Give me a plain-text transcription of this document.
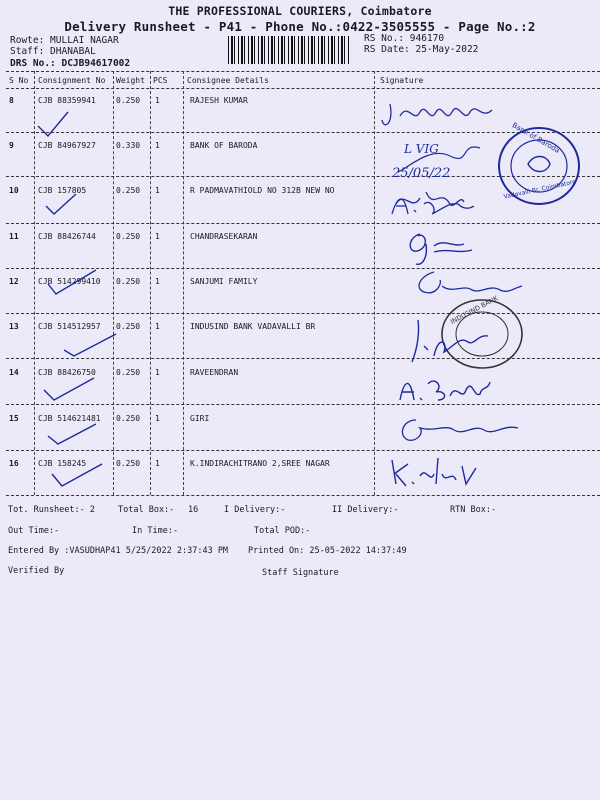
THE PROFESSIONAL COURIERS, Coimbatore
Delivery Runsheet - P41 - Phone No.:0422-3505555 - Page No.:2
Rowte: MULLAI NAGAR
Staff: DHANABAL
DRS No.: DCJB94617002
RS No.: 946170
RS Date: 25-May-2022
S No Consignment No Weight PCS Consignee Details	Signature
8	CJB 88359941	0.250 1	RAJESH KUMAR
9	CJB 84967927	0.330 1	BANK OF BARODA
10 CJB 157805	0.250 1	R PADMAVATHIOLD NO 312B NEW NO
11 CJB 88426744	0.250 1	CHANDRASEKARAN
12 CJB 514299410 0.250 1	SANJUMI FAMILY
13 CJB 514512957 0.250 1	INDUSIND BANK VADAVALLI BR
14 CJB 88426750	0.250 1	RAVEENDRAN
15 CJB 514621481 0.250 1	GIRI
16 CJB 158245	0.250 1	K.INDIRACHITRANO 2,SREE NAGAR
L VIG
25/05/22
Bank of Baroda
Vadavalli Br. Coimbatore
INDUSIND BANK
Tot. Runsheet:- 2	Total Box:- 16	I Delivery:-	II Delivery:-	RTN Box:-
Out Time:-	In Time:-	Total POD:-
Entered By :VASUDHAP41 5/25/2022 2:37:43 PM Printed On: 25-05-2022 14:37:49
Verified By	Staff Signature
